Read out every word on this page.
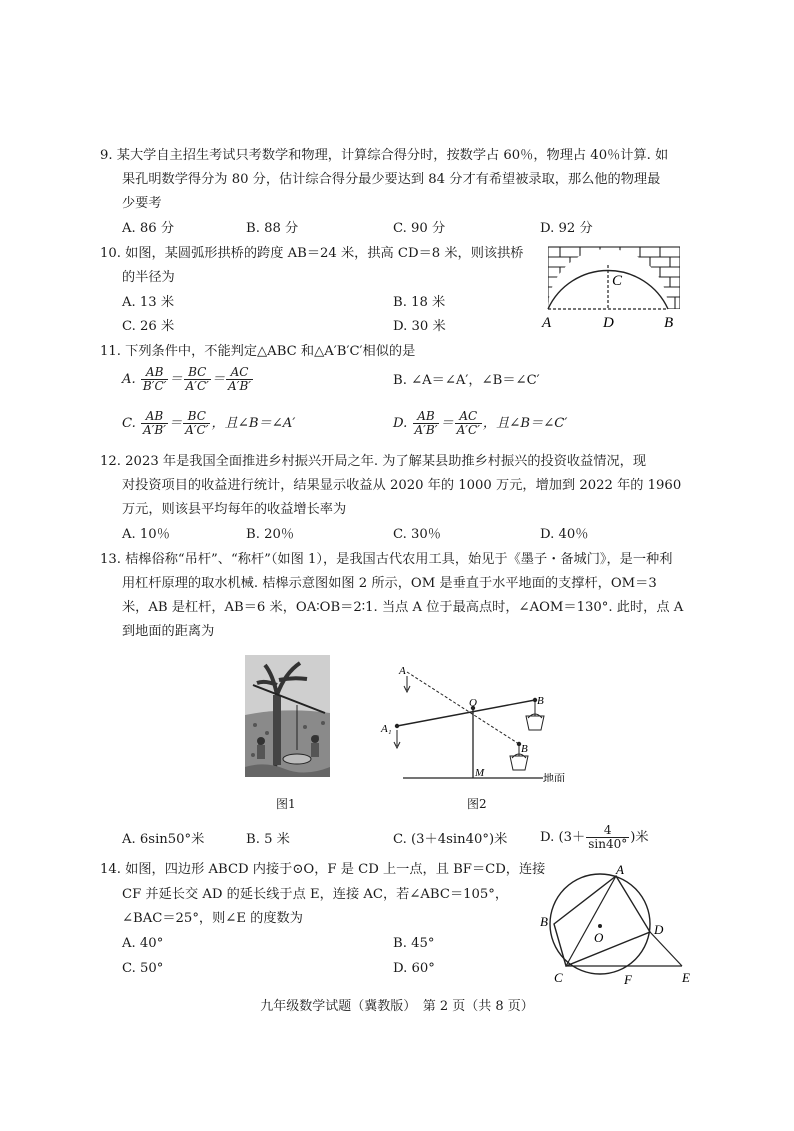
9. 某大学自主招生考试只考数学和物理，计算综合得分时，按数学占 60％，物理占 40％计算. 如
果孔明数学得分为 80 分，估计综合得分最少要达到 84 分才有希望被录取，那么他的物理最
少要考
A. 86 分	B. 88 分	C. 90 分	D. 92 分
10. 如图，某圆弧形拱桥的跨度 AB＝24 米，拱高 CD＝8 米，则该拱桥
的半径为
A. 13 米	B. 18 米
C. 26 米	D. 30 米	A	B
C
D
11. 下列条件中，不能判定△ABC 和△A′B′C′相似的是
A. $\frac{AB}{B'C'} = \frac{BC}{A'C'} = \frac{AC}{A'B'}$	B. ∠A＝∠A′，∠B＝∠C′
C. $\frac{AB}{A'B'} = \frac{BC}{A'C'}$ ，且∠B＝∠A′	D. $\frac{AB}{A'B'} = \frac{AC}{A'C'}$ ，且∠B＝∠C′
12. 2023 年是我国全面推进乡村振兴开局之年. 为了解某县助推乡村振兴的投资收益情况，现
对投资项目的收益进行统计，结果显示收益从 2020 年的 1000 万元，增加到 2022 年的 1960
万元，则该县平均每年的收益增长率为
A. 10％	B. 20％	C. 30％	D. 40％
13. 桔槔俗称“吊杆”、“称杆”（如图 1），是我国古代农用工具，始见于《墨子・备城门》，是一种利
用杠杆原理的取水机械. 桔槔示意图如图 2 所示，OM 是垂直于水平地面的支撑杆，OM＝3
米，AB 是杠杆，AB＝6 米，OA∶OB＝2∶1. 当点 A 位于最高点时，∠AOM＝130°. 此时，点 A
到地面的距离为
图1
A
A₁
O	B
B
M	地面
图2
A. 6sin50°米	B. 5 米	C. (3＋4sin40°)米 D. ($3+ \frac{4}{\sin 40^\circ}$ )米
14. 如图，四边形 ABCD 内接于⊙O，F 是 CD 上一点，且 BF＝CD，连接
CF 并延长交 AD 的延长线于点 E，连接 AC，若∠ABC＝105°，
∠BAC＝25°，则∠E 的度数为
A. 40°	B. 45°
C. 50°	D. 60°
A
B
C
D
E
F
O
九年级数学试题（冀教版）　第 2 页（共 8 页）
